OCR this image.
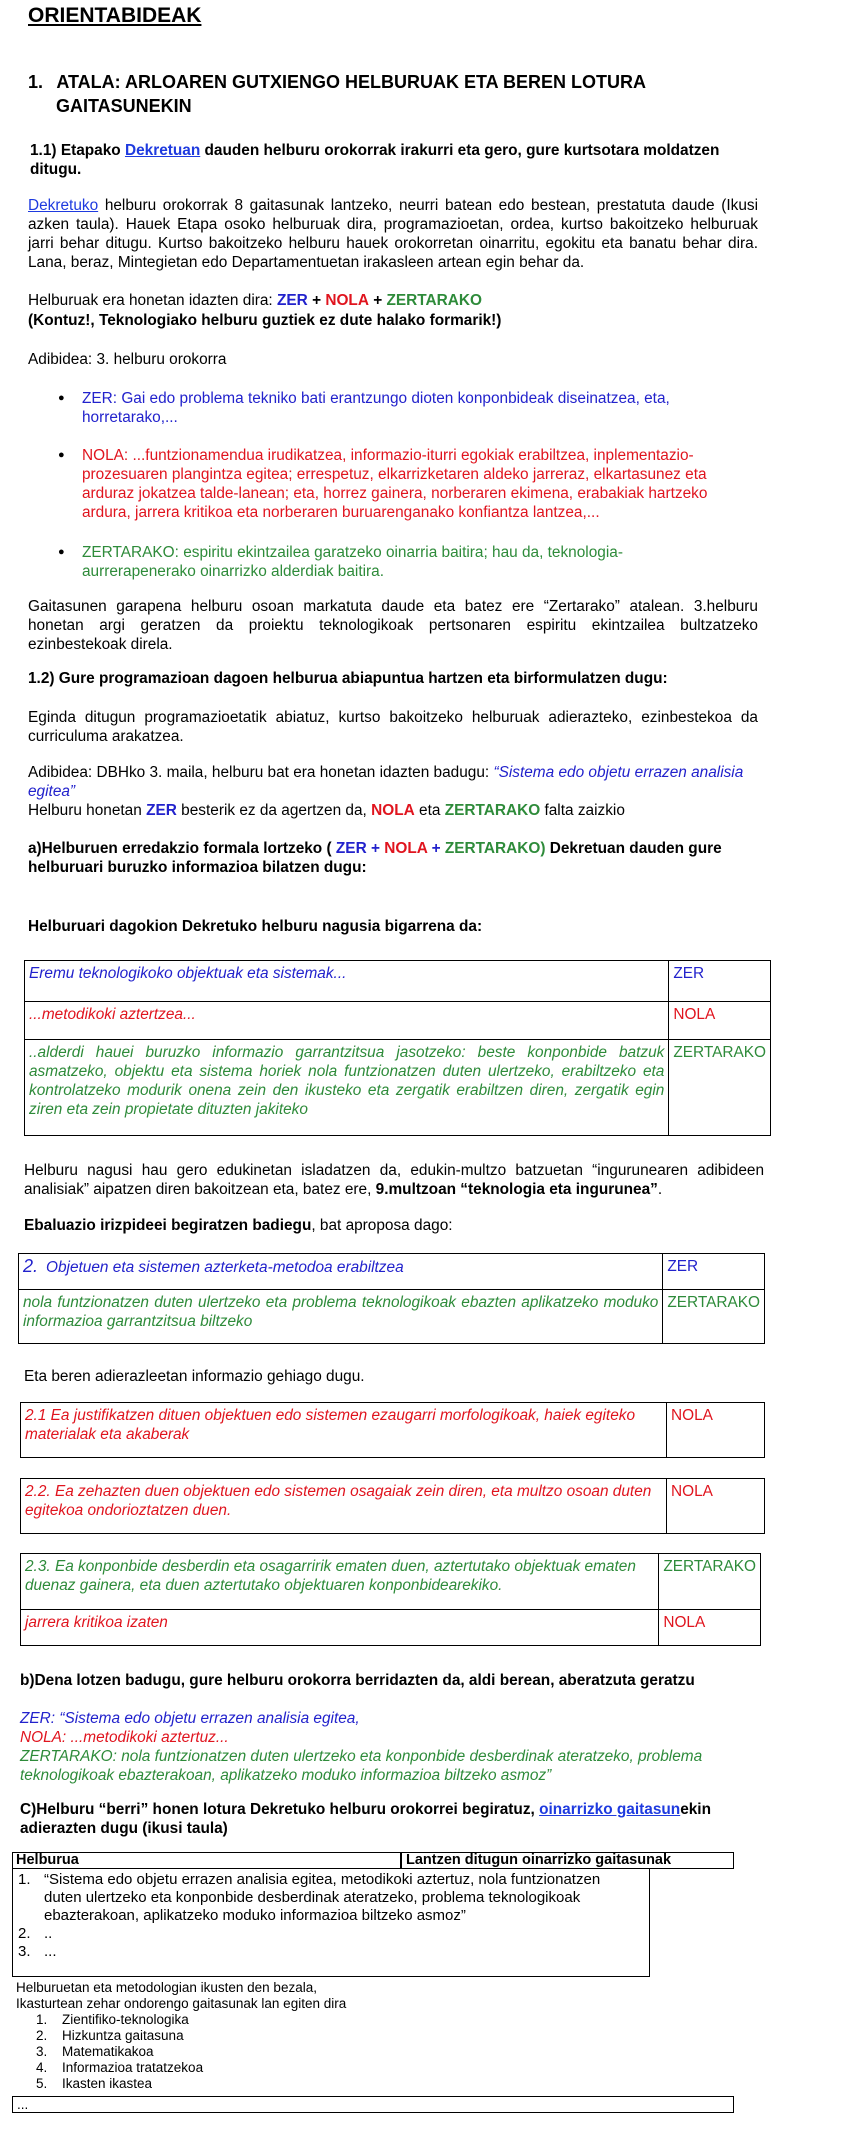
ORIENTABIDEAK
1. ATALA: ARLOAREN GUTXIENGO HELBURUAK ETA BEREN LOTURA
GAITASUNEKIN
1.1) Etapako Dekretuan dauden helburu orokorrak irakurri eta gero, gure kurtsotara moldatzen ditugu.
Dekretuko helburu orokorrak 8 gaitasunak lantzeko, neurri batean edo bestean, prestatuta daude (Ikusi azken taula). Hauek Etapa osoko helburuak dira, programazioetan, ordea, kurtso bakoitzeko helburuak jarri behar ditugu. Kurtso bakoitzeko helburu hauek orokorretan oinarritu, egokitu eta banatu behar dira. Lana, beraz, Mintegietan edo Departamentuetan irakasleen artean egin behar da.
Helburuak era honetan idazten dira: ZER + NOLA + ZERTARAKO
(Kontuz!, Teknologiako helburu guztiek ez dute halako formarik!)
Adibidea: 3. helburu orokorra
● ZER: Gai edo problema tekniko bati erantzungo dioten konponbideak diseinatzea, eta, horretarako,...
● NOLA: ...funtzionamendua irudikatzea, informazio-iturri egokiak erabiltzea, inplementazio-prozesuaren plangintza egitea; errespetuz, elkarrizketaren aldeko jarreraz, elkartasunez eta arduraz jokatzea talde-lanean; eta, horrez gainera, norberaren ekimena, erabakiak hartzeko ardura, jarrera kritikoa eta norberaren buruarenganako konfiantza lantzea,...
● ZERTARAKO: espiritu ekintzailea garatzeko oinarria baitira; hau da, teknologia-aurrerapenerako oinarrizko alderdiak baitira.
Gaitasunen garapena helburu osoan markatuta daude eta batez ere “Zertarako” atalean. 3.helburu honetan argi geratzen da proiektu teknologikoak pertsonaren espiritu ekintzailea bultzatzeko ezinbestekoak direla.
1.2) Gure programazioan dagoen helburua abiapuntua hartzen eta birformulatzen dugu:
Egindа ditugun programazioetatik abiatuz, kurtso bakoitzeko helburuak adierazteko, ezinbestekoa da curriculuma arakatzea.
Adibidea: DBHko 3. maila, helburu bat era honetan idazten badugu: “Sistema edo objetu errazen analisia egitea”
Helburu honetan ZER besterik ez da agertzen da, NOLA eta ZERTARAKO falta zaizkio
a)Helburuen erredakzio formala lortzeko ( ZER + NOLA + ZERTARAKO) Dekretuan dauden gure helburuari buruzko informazioa bilatzen dugu:
Helburuari dagokion Dekretuko helburu nagusia bigarrena da:
Eremu teknologikoko objektuak eta sistemak...	ZER
...metodikoki aztertzea...	NOLA
..alderdi hauei buruzko informazio garrantzitsua jasotzeko: beste konponbide batzuk asmatzeko, objektu eta sistema horiek nola funtzionatzen duten ulertzeko, erabiltzeko eta kontrolatzeko modurik onena zein den ikusteko eta zergatik erabiltzen diren, zergatik egin ziren eta zein propietate dituzten jakiteko	ZERTARAKO
Helburu nagusi hau gero edukinetan isladatzen da, edukin-multzo batzuetan “ingurunearen adibideen analisiak” aipatzen diren bakoitzean eta, batez ere, 9.multzoan “teknologia eta ingurunea”.
Ebaluazio irizpideei begiratzen badiegu, bat aproposa dago:
2. Objetuen eta sistemen azterketa-metodoa erabiltzea	ZER
nola funtzionatzen duten ulertzeko eta problema teknologikoak ebazten aplikatzeko moduko informazioa garrantzitsua biltzeko	ZERTARAKO
Eta beren adierazleetan informazio gehiago dugu.
2.1 Ea justifikatzen dituen objektuen edo sistemen ezaugarri morfologikoak, haiek egiteko materialak eta akaberak	NOLA
2.2. Ea zehazten duen objektuen edo sistemen osagaiak zein diren, eta multzo osoan duten egitekoa ondorioztatzen duen.	NOLA
2.3. Ea konponbide desberdin eta osagarririk ematen duen, aztertutako objektuak ematen duenaz gainera, eta duen aztertutako objektuaren konponbidearekiko.	ZERTARAKO
jarrera kritikoa izaten	NOLA
b)Dena lotzen badugu, gure helburu orokorra berridazten da, aldi berean, aberatzuta geratzu
ZER: “Sistema edo objetu errazen analisia egitea,
NOLA: ...metodikoki aztertuz...
ZERTARAKO: nola funtzionatzen duten ulertzeko eta konponbide desberdinak ateratzeko, problema teknologikoak ebazterakoan, aplikatzeko moduko informazioa biltzeko asmoz”
C)Helburu “berri” honen lotura Dekretuko helburu orokorrei begiratuz, oinarrizko gaitasunekin adierazten dugu (ikusi taula)
Helburua	Lantzen ditugun oinarrizko gaitasunak
1. “Sistema edo objetu errazen analisia egitea, metodikoki aztertuz, nola funtzionatzen duten ulertzeko eta konponbide desberdinak ateratzeko, problema teknologikoak ebazterakoan, aplikatzeko moduko informazioa biltzeko asmoz”
2. ..
3. ...
Helburuetan eta metodologian ikusten den bezala,
Ikasturtean zehar ondorengo gaitasunak lan egiten dira
1. Zientifiko-teknologika
2. Hizkuntza gaitasuna
3. Matematikakoa
4. Informazioa tratatzekoa
5. Ikasten ikastea
...
